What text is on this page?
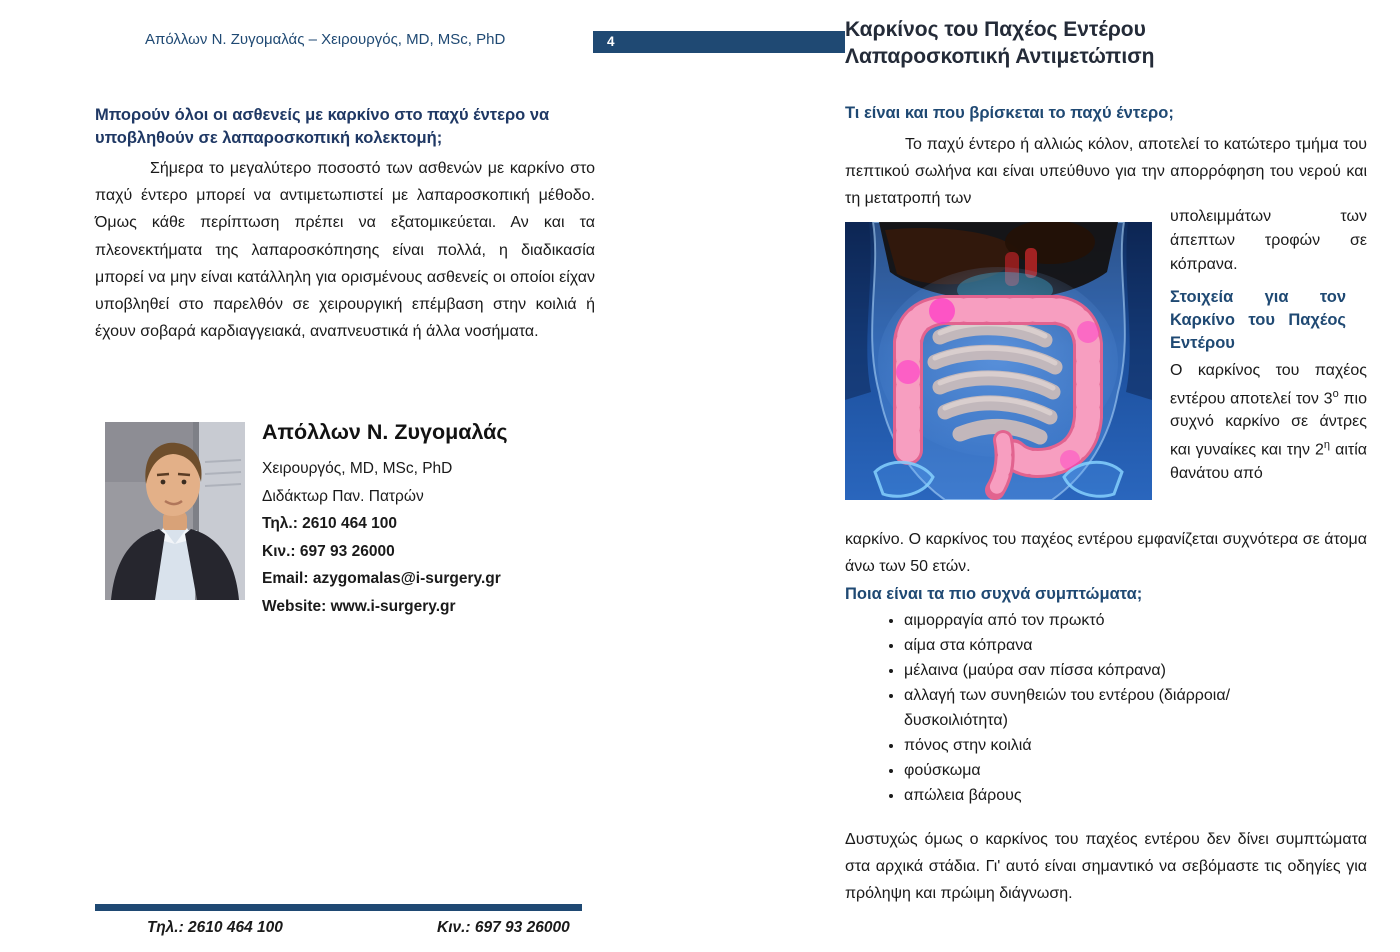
4
Απόλλων Ν. Ζυγομαλάς – Χειρουργός, MD, MSc, PhD
Μπορούν όλοι οι ασθενείς με καρκίνο στο παχύ έντερο να
υποβληθούν σε λαπαροσκοπική κολεκτομή;
Σήμερα το μεγαλύτερο ποσοστό των ασθενών με καρκίνο στο παχύ έντερο μπορεί να αντιμετωπιστεί με λαπαροσκοπική μέθοδο. Όμως κάθε περίπτωση πρέπει να εξατομικεύεται. Αν και τα πλεονεκτήματα της λαπαροσκόπησης είναι πολλά, η διαδικασία μπορεί να μην είναι κατάλληλη για ορισμένους ασθενείς οι οποίοι είχαν υποβληθεί στο παρελθόν σε χειρουργική επέμβαση στην κοιλιά ή έχουν σοβαρά καρδιαγγειακά, αναπνευστικά ή άλλα νοσήματα.
Απόλλων Ν. Ζυγομαλάς
Χειρουργός, MD, MSc, PhD
Διδάκτωρ Παν. Πατρών
Τηλ.: 2610 464 100
Κιν.: 697 93 26000
Email: azygomalas@i-surgery.gr
Website: www.i-surgery.gr
Τηλ.: 2610 464 100	Κιν.: 697 93 26000
Καρκίνος του Παχέος Εντέρου
Λαπαροσκοπική Αντιμετώπιση
Τι είναι και που βρίσκεται το παχύ έντερο;
Το παχύ έντερο ή αλλιώς κόλον, αποτελεί το κατώτερο τμήμα του πεπτικού σωλήνα και είναι υπεύθυνο για την απορρόφηση του νερού και τη μετατροπή των
υπολειμμάτων των άπεπτων τροφών σε κόπρανα.
Στοιχεία για τον Καρκίνο του Παχέος Εντέρου
Ο καρκίνος του παχέος εντέρου αποτελεί τον $3^o$ πιο συχνό καρκίνο σε άντρες και γυναίκες και την $2^\eta$ αιτία θανάτου από
καρκίνο. Ο καρκίνος του παχέος εντέρου εμφανίζεται συχνότερα σε άτομα άνω των 50 ετών.
Ποια είναι τα πιο συχνά συμπτώματα;
• αιμορραγία από τον πρωκτό
• αίμα στα κόπρανα
• μέλαινα (μαύρα σαν πίσσα κόπρανα)
• αλλαγή των συνηθειών του εντέρου (διάρροια/δυσκοιλιότητα)
• πόνος στην κοιλιά
• φούσκωμα
• απώλεια βάρους
Δυστυχώς όμως ο καρκίνος του παχέος εντέρου δεν δίνει συμπτώματα στα αρχικά στάδια. Γι' αυτό είναι σημαντικό να σεβόμαστε τις οδηγίες για πρόληψη και πρώιμη διάγνωση.
